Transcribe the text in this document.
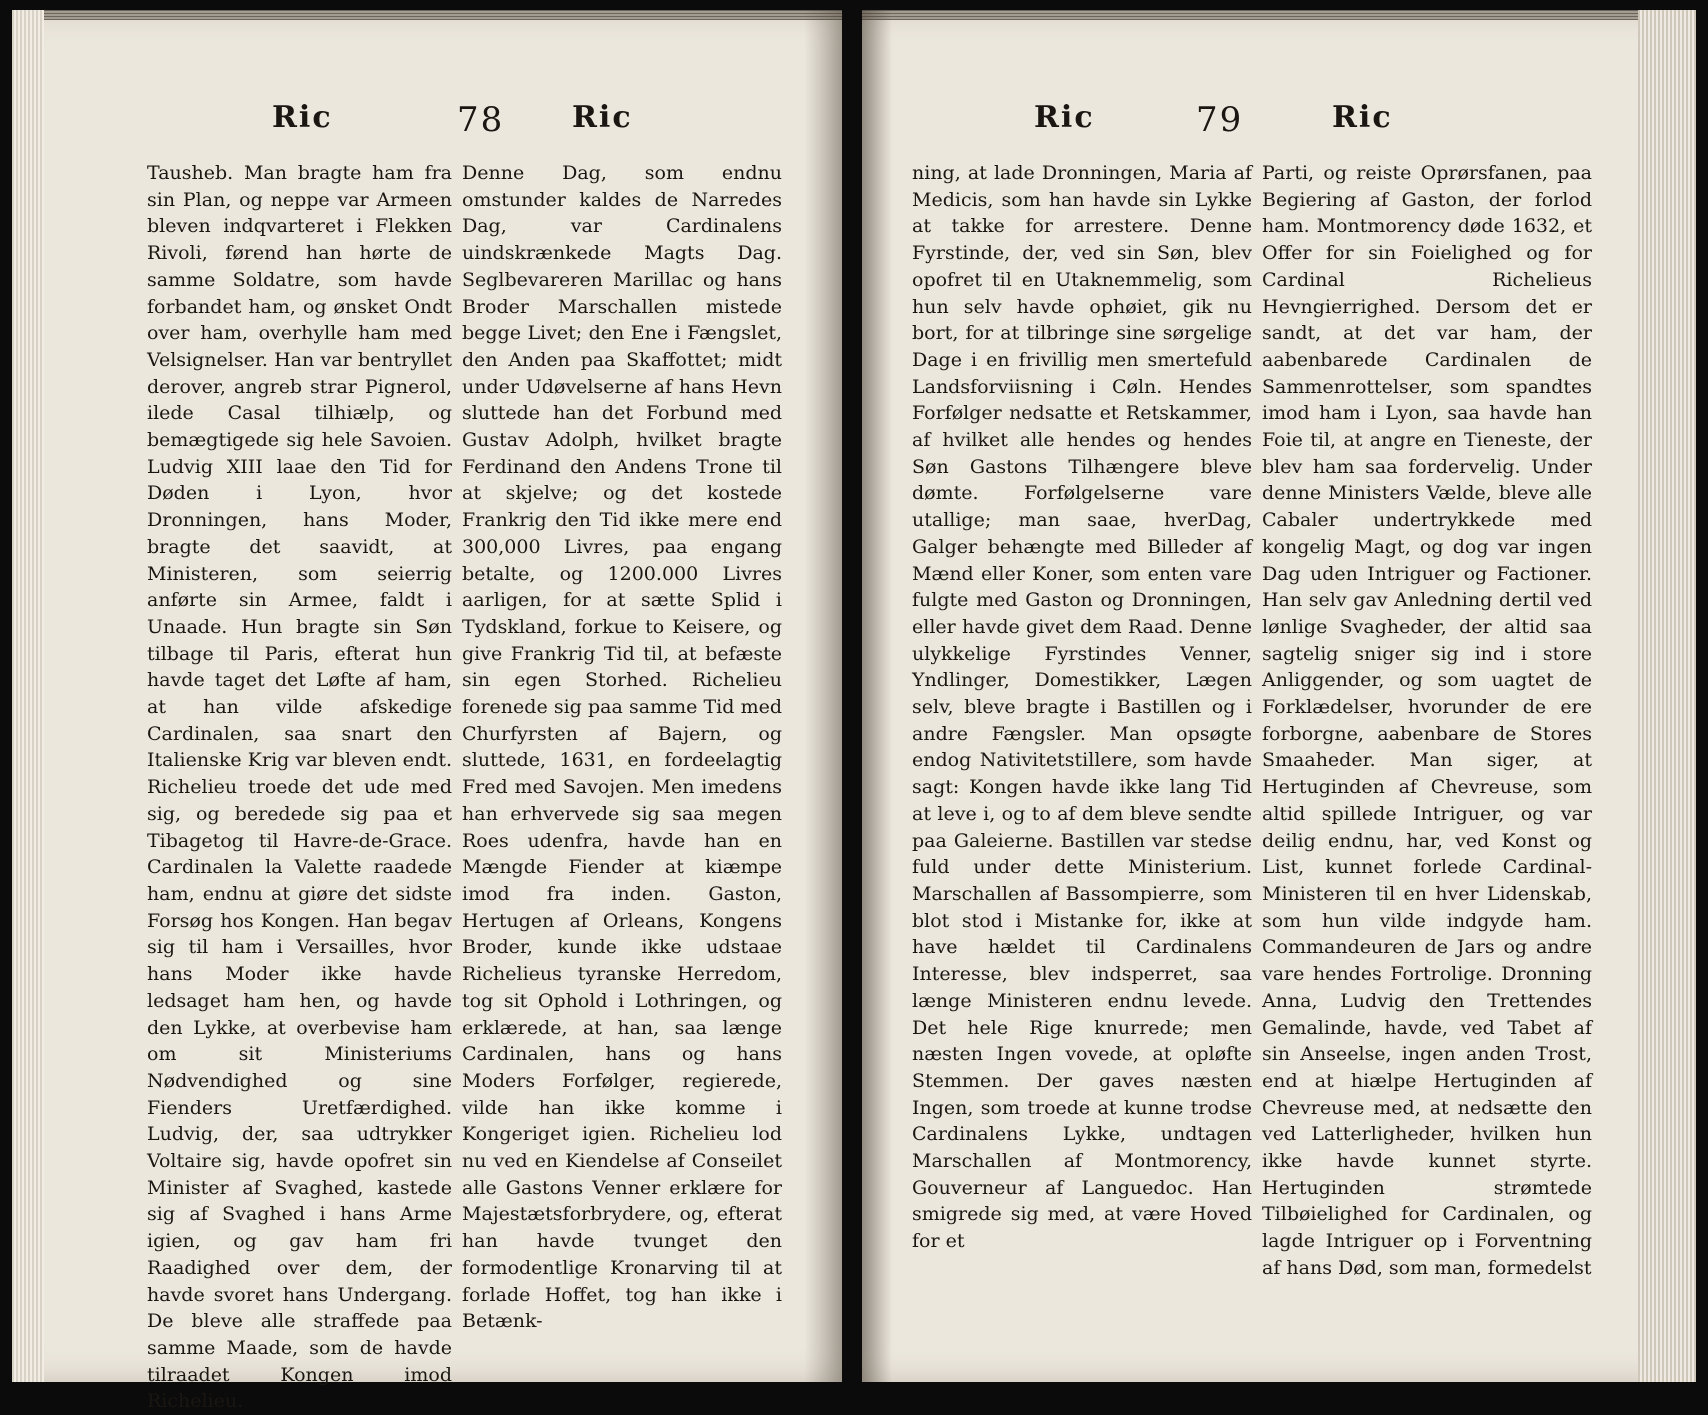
Ric	78 Ric

Tausheb. Man bragte ham fra sin Plan, og neppe var Armeen bleven indqvarteret i Flekken Rivoli, førend han hørte de samme Soldatre, som havde forbandet ham, og ønsket Ondt over ham, overhylle ham med Velsignelser. Han var bentryllet derover, angreb strar Pignerol, ilede Casal tilhiælp, og bemægtigede sig hele Savoien. Ludvig XIII laae den Tid for Døden i Lyon, hvor Dronningen, hans Moder, bragte det saavidt, at Ministeren, som seierrig anførte sin Armee, faldt i Unaade. Hun bragte sin Søn tilbage til Paris, efterat hun havde taget det Løfte af ham, at han vilde afskedige Cardinalen, saa snart den Italienske Krig var bleven endt. Richelieu troede det ude med sig, og beredede sig paa et Tibagetog til Havre-de-Grace. Cardinalen la Valette raadede ham, endnu at giøre det sidste Forsøg hos Kongen. Han begav sig til ham i Versailles, hvor hans Moder ikke havde ledsaget ham hen, og havde den Lykke, at overbevise ham om sit Ministeriums Nødvendighed og sine Fienders Uretfærdighed. Ludvig, der, saa udtrykker Voltaire sig, havde opofret sin Minister af Svaghed, kastede sig af Svaghed i hans Arme igien, og gav ham fri Raadighed over dem, der havde svoret hans Undergang. De bleve alle straffede paa samme Maade, som de havde tilraadet Kongen imod Richelieu.

Denne Dag, som endnu omstunder kaldes de Narredes Dag, var Cardinalens uindskrænkede Magts Dag. Seglbevareren Marillac og hans Broder Marschallen mistede begge Livet; den Ene i Fængslet, den Anden paa Skaffottet; midt under Udøvelserne af hans Hevn sluttede han det Forbund med Gustav Adolph, hvilket bragte Ferdinand den Andens Trone til at skjelve; og det kostede Frankrig den Tid ikke mere end 300,000 Livres, paa engang betalte, og 1200.000 Livres aarligen, for at sætte Splid i Tydskland, forkue to Keisere, og give Frankrig Tid til, at befæste sin egen Storhed. Richelieu forenede sig paa samme Tid med Churfyrsten af Bajern, og sluttede, 1631, en fordeelagtig Fred med Savojen. Men imedens han erhvervede sig saa megen Roes udenfra, havde han en Mængde Fiender at kiæmpe imod fra inden. Gaston, Hertugen af Orleans, Kongens Broder, kunde ikke udstaae Richelieus tyranske Herredom, tog sit Ophold i Lothringen, og erklærede, at han, saa længe Cardinalen, hans og hans Moders Forfølger, regierede, vilde han ikke komme i Kongeriget igien. Richelieu lod nu ved en Kiendelse af Conseilet alle Gastons Venner erklære for Majestætsforbrydere, og, efterat han havde tvunget den formodentlige Kronarving til at forlade Hoffet, tog han ikke i Betænk-

Ric	79	Ric

ning, at lade Dronningen, Maria af Medicis, som han havde sin Lykke at takke for arrestere. Denne Fyrstinde, der, ved sin Søn, blev opofret til en Utaknemmelig, som hun selv havde ophøiet, gik nu bort, for at tilbringe sine sørgelige Dage i en frivillig men smertefuld Landsforviisning i Cøln. Hendes Forfølger nedsatte et Retskammer, af hvilket alle hendes og hendes Søn Gastons Tilhængere bleve dømte. Forfølgelserne vare utallige; man saae, hverDag, Galger behængte med Billeder af Mænd eller Koner, som enten vare fulgte med Gaston og Dronningen, eller havde givet dem Raad. Denne ulykkelige Fyrstindes Venner, Yndlinger, Domestikker, Lægen selv, bleve bragte i Bastillen og i andre Fængsler. Man opsøgte endog Nativitetstillere, som havde sagt: Kongen havde ikke lang Tid at leve i, og to af dem bleve sendte paa Galeierne. Bastillen var stedse fuld under dette Ministerium. Marschallen af Bassompierre, som blot stod i Mistanke for, ikke at have hældet til Cardinalens Interesse, blev indsperret, saa længe Ministeren endnu levede. Det hele Rige knurrede; men næsten Ingen vovede, at opløfte Stemmen. Der gaves næsten Ingen, som troede at kunne trodse Cardinalens Lykke, undtagen Marschallen af Montmorency, Gouverneur af Languedoc. Han smigrede sig med, at være Hoved for et

Parti, og reiste Oprørsfanen, paa Begiering af Gaston, der forlod ham. Montmorency døde 1632, et Offer for sin Foielighed og for Cardinal Richelieus Hevngierrighed. Dersom det er sandt, at det var ham, der aabenbarede Cardinalen de Sammenrottelser, som spandtes imod ham i Lyon, saa havde han Foie til, at angre en Tieneste, der blev ham saa fordervelig. Under denne Ministers Vælde, bleve alle Cabaler undertrykkede med kongelig Magt, og dog var ingen Dag uden Intriguer og Factioner. Han selv gav Anledning dertil ved lønlige Svagheder, der altid saa sagtelig sniger sig ind i store Anliggender, og som uagtet de Forklædelser, hvorunder de ere forborgne, aabenbare de Stores Smaaheder. Man siger, at Hertuginden af Chevreuse, som altid spillede Intriguer, og var deilig endnu, har, ved Konst og List, kunnet forlede Cardinal-Ministeren til en hver Lidenskab, som hun vilde indgyde ham. Commandeuren de Jars og andre vare hendes Fortrolige. Dronning Anna, Ludvig den Trettendes Gemalinde, havde, ved Tabet af sin Anseelse, ingen anden Trost, end at hiælpe Hertuginden af Chevreuse med, at nedsætte den ved Latterligheder, hvilken hun ikke havde kunnet styrte. Hertuginden strømtede Tilbøielighed for Cardinalen, og lagde Intriguer op i Forventning af hans Død, som man, formedelst
